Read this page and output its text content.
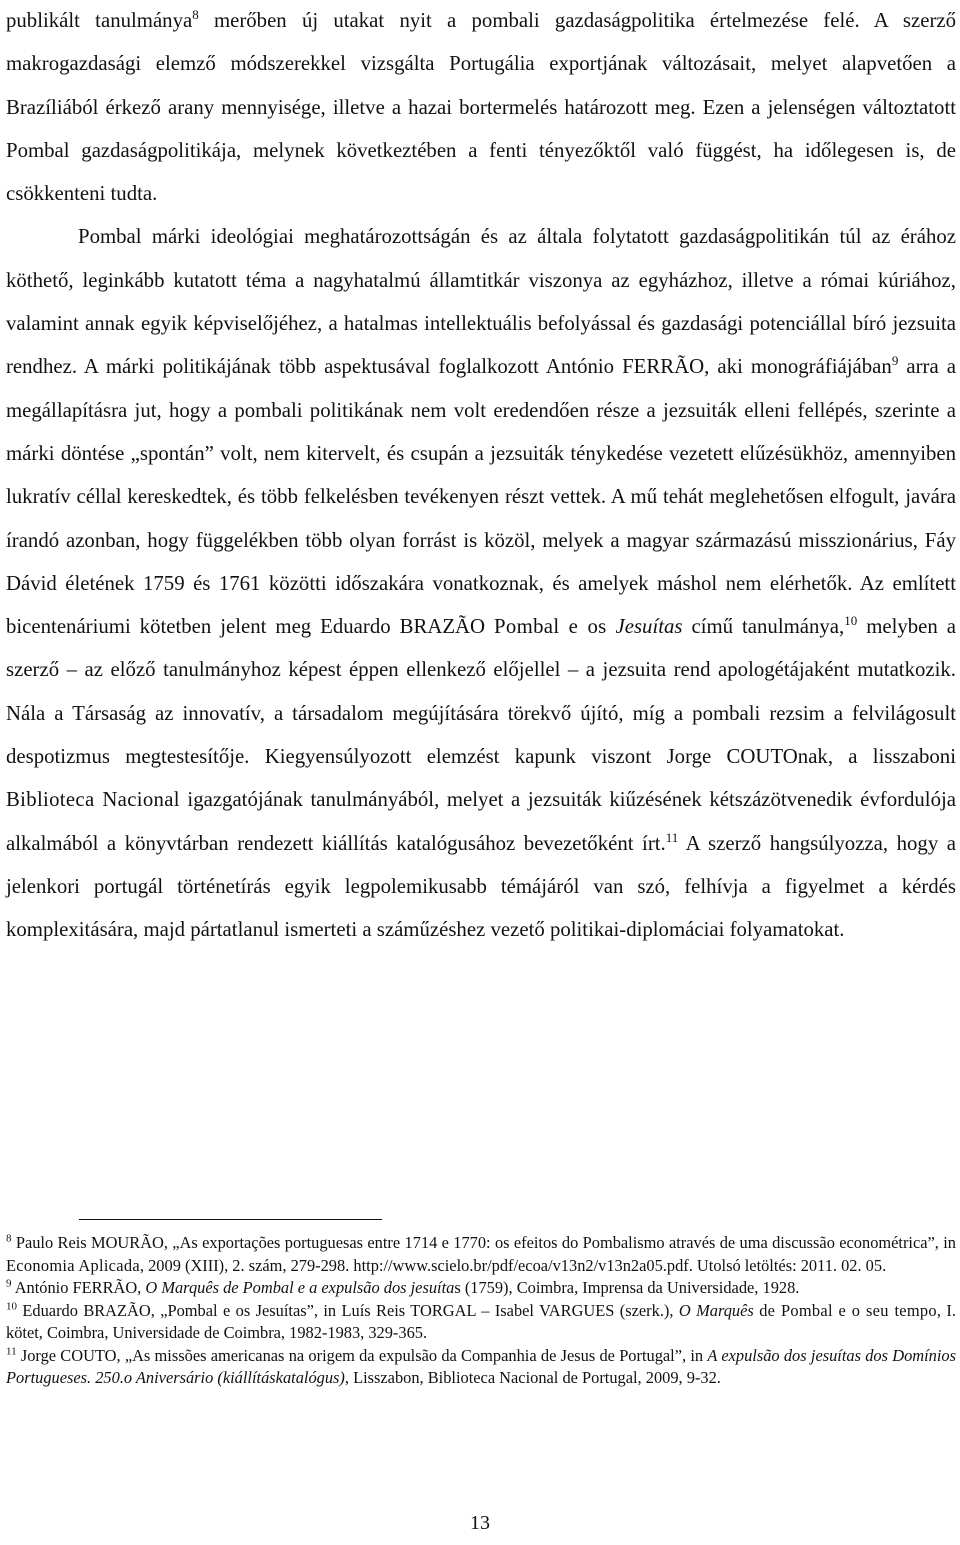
publikált tanulmánya$^8$ merőben új utakat nyit a pombali gazdaságpolitika értelmezése felé. A szerző makrogazdasági elemző módszerekkel vizsgálta Portugália exportjának változásait, melyet alapvetően a Brazíliából érkező arany mennyisége, illetve a hazai bortermelés határozott meg. Ezen a jelenségen változtatott Pombal gazdaságpolitikája, melynek következtében a fenti tényezőktől való függést, ha időlegesen is, de csökkenteni tudta.

Pombal márki ideológiai meghatározottságán és az általa folytatott gazdaságpolitikán túl az érához köthető, leginkább kutatott téma a nagyhatalmú államtitkár viszonya az egyházhoz, illetve a római kúriához, valamint annak egyik képviselőjéhez, a hatalmas intellektuális befolyással és gazdasági potenciállal bíró jezsuita rendhez. A márki politikájának több aspektusával foglalkozott António FERRÃO, aki monográfiájában$^9$ arra a megállapításra jut, hogy a pombali politikának nem volt eredendően része a jezsuiták elleni fellépés, szerinte a márki döntése „spontán” volt, nem kitervelt, és csupán a jezsuiták ténykedése vezetett elűzésükhöz, amennyiben lukratív céllal kereskedtek, és több felkelésben tevékenyen részt vettek. A mű tehát meglehetősen elfogult, javára írandó azonban, hogy függelékben több olyan forrást is közöl, melyek a magyar származású misszionárius, Fáy Dávid életének 1759 és 1761 közötti időszakára vonatkoznak, és amelyek máshol nem elérhetők. Az említett bicentenáriumi kötetben jelent meg Eduardo BRAZÃO Pombal e os Jesuítas című tanulmánya,$^{10}$ melyben a szerző – az előző tanulmányhoz képest éppen ellenkező előjellel – a jezsuita rend apologétájaként mutatkozik. Nála a Társaság az innovatív, a társadalom megújítására törekvő újító, míg a pombali rezsim a felvilágosult despotizmus megtestesítője. Kiegyensúlyozott elemzést kapunk viszont Jorge COUTOnak, a lisszaboni Biblioteca Nacional igazgatójának tanulmányából, melyet a jezsuiták kiűzésének kétszázötvenedik évfordulója alkalmából a könyvtárban rendezett kiállítás katalógusához bevezetőként írt.$^{11}$ A szerző hangsúlyozza, hogy a jelenkori portugál történetírás egyik legpolemikusabb témájáról van szó, felhívja a figyelmet a kérdés komplexitására, majd pártatlanul ismerteti a száműzéshez vezető politikai-diplomáciai folyamatokat.

$^8$ Paulo Reis MOURÃO, „As exportações portuguesas entre 1714 e 1770: os efeitos do Pombalismo através de uma discussão econométrica”, in Economia Aplicada, 2009 (XIII), 2. szám, 279-298. http://www.scielo.br/pdf/ecoa/v13n2/v13n2a05.pdf. Utolsó letöltés: 2011. 02. 05.

$^9$ António FERRÃO, O Marquês de Pombal e a expulsão dos jesuítas (1759), Coimbra, Imprensa da Universidade, 1928.

$^{10}$ Eduardo BRAZÃO, „Pombal e os Jesuítas”, in Luís Reis TORGAL – Isabel VARGUES (szerk.), O Marquês de Pombal e o seu tempo, I. kötet, Coimbra, Universidade de Coimbra, 1982-1983, 329-365.

$^{11}$ Jorge COUTO, „As missões americanas na origem da expulsão da Companhia de Jesus de Portugal”, in A expulsão dos jesuítas dos Domínios Portugueses. 250.o Aniversário (kiállításkatalógus), Lisszabon, Biblioteca Nacional de Portugal, 2009, 9-32.

13
